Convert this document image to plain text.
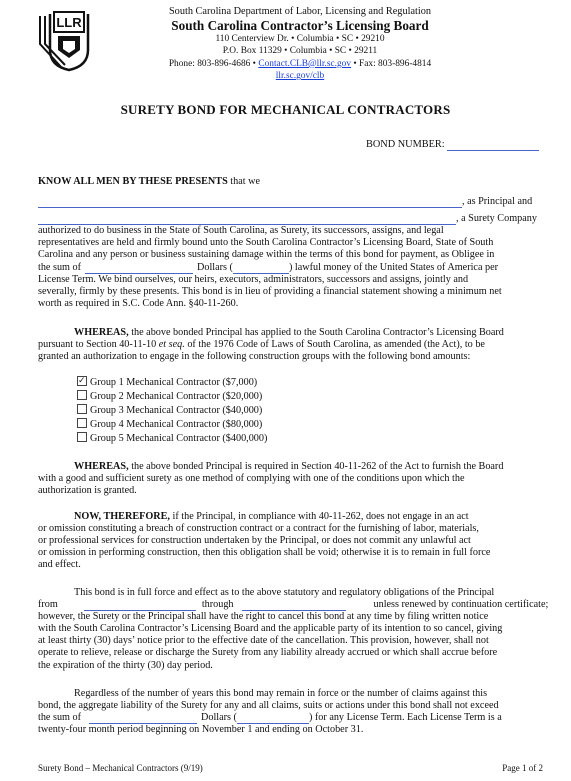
LLR
South Carolina Department of Labor, Licensing and Regulation
South Carolina Contractor’s Licensing Board
110 Centerview Dr. • Columbia • SC • 29210
P.O. Box 11329 • Columbia • SC • 29211
Phone: 803-896-4686 • Contact.CLB@llr.sc.gov • Fax: 803-896-4814
llr.sc.gov/clb
SURETY BOND FOR MECHANICAL CONTRACTORS
BOND NUMBER:
KNOW ALL MEN BY THESE PRESENTS that we
, as Principal and
, a Surety Company
authorized to do business in the State of South Carolina, as Surety, its successors, assigns, and legal
representatives are held and firmly bound unto the South Carolina Contractor’s Licensing Board, State of South
Carolina and any person or business sustaining damage within the terms of this bond for payment, as Obligee in
the sum of	Dollars (	) lawful money of the United States of America per
License Term. We bind ourselves, our heirs, executors, administrators, successors and assigns, jointly and
severally, firmly by these presents. This bond is in lieu of providing a financial statement showing a minimum net
worth as required in S.C. Code Ann. §40-11-260.
WHEREAS, the above bonded Principal has applied to the South Carolina Contractor’s Licensing Board
pursuant to Section 40-11-10 et seq. of the 1976 Code of Laws of South Carolina, as amended (the Act), to be
granted an authorization to engage in the following construction groups with the following bond amounts:
✓Group 1 Mechanical Contractor ($7,000)
Group 2 Mechanical Contractor ($20,000)
Group 3 Mechanical Contractor ($40,000)
Group 4 Mechanical Contractor ($80,000)
Group 5 Mechanical Contractor ($400,000)
WHEREAS, the above bonded Principal is required in Section 40-11-262 of the Act to furnish the Board
with a good and sufficient surety as one method of complying with one of the conditions upon which the
authorization is granted.
NOW, THEREFORE, if the Principal, in compliance with 40-11-262, does not engage in an act
or omission constituting a breach of construction contract or a contract for the furnishing of labor, materials,
or professional services for construction undertaken by the Principal, or does not commit any unlawful act
or omission in performing construction, then this obligation shall be void; otherwise it is to remain in full force
and effect.
This bond is in full force and effect as to the above statutory and regulatory obligations of the Principal
from	through	unless renewed by continuation certificate;
however, the Surety or the Principal shall have the right to cancel this bond at any time by filing written notice
with the South Carolina Contractor’s Licensing Board and the applicable party of its intention to so cancel, giving
at least thirty (30) days’ notice prior to the effective date of the cancellation. This provision, however, shall not
operate to relieve, release or discharge the Surety from any liability already accrued or which shall accrue before
the expiration of the thirty (30) day period.
Regardless of the number of years this bond may remain in force or the number of claims against this
bond, the aggregate liability of the Surety for any and all claims, suits or actions under this bond shall not exceed
the sum of	Dollars (	) for any License Term. Each License Term is a
twenty-four month period beginning on November 1 and ending on October 31.
Surety Bond – Mechanical Contractors (9/19)	Page 1 of 2
